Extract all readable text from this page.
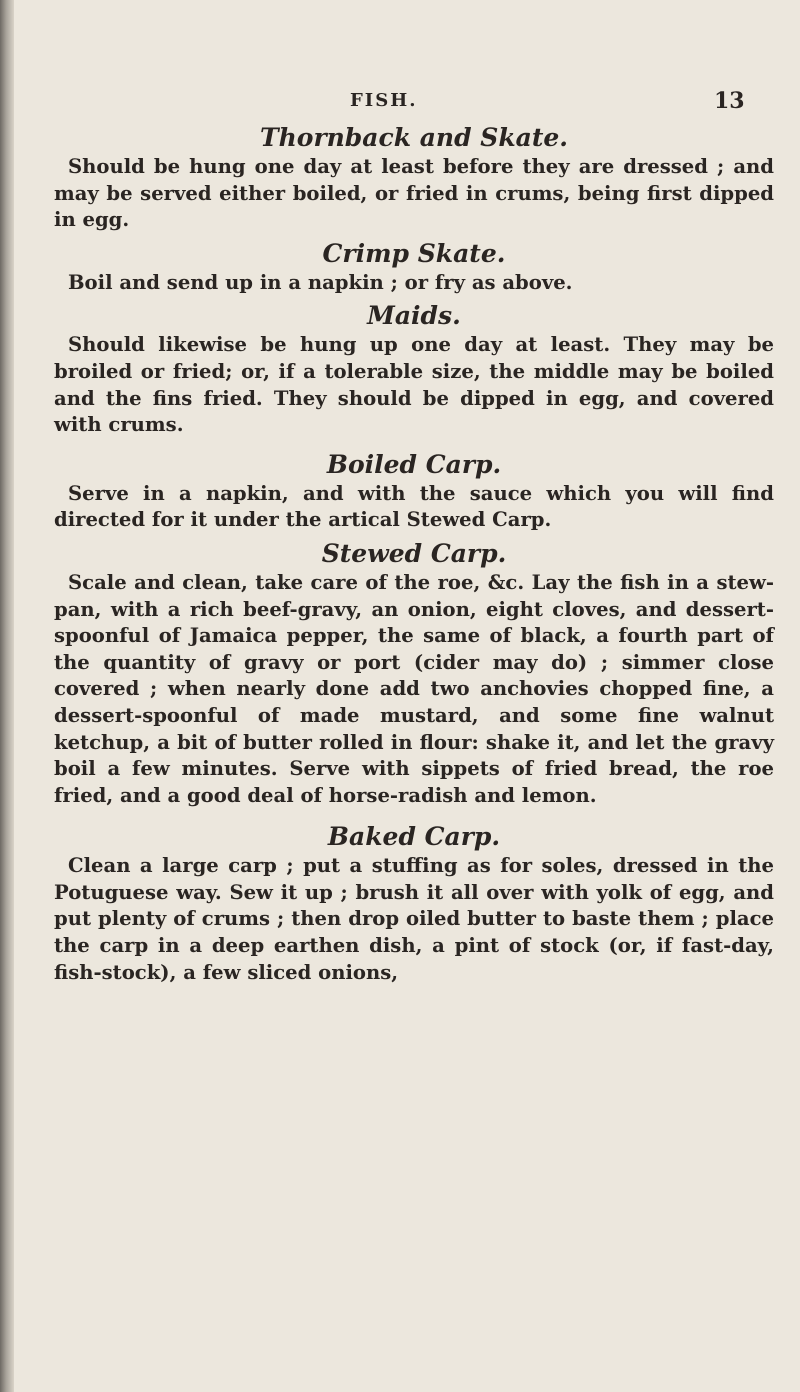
FISH.	13
Thornback and Skate.

Should be hung one day at least before they are dressed ; and may be served either boiled, or fried in crums, being first dipped in egg.

Crimp Skate.

Boil and send up in a napkin ; or fry as above.

Maids.

Should likewise be hung up one day at least. They may be broiled or fried; or, if a tolerable size, the middle may be boiled and the fins fried. They should be dipped in egg, and covered with crums.

Boiled Carp.

Serve in a napkin, and with the sauce which you will find directed for it under the artical Stewed Carp.

Stewed Carp.

Scale and clean, take care of the roe, &c. Lay the fish in a stew-pan, with a rich beef-gravy, an onion, eight cloves, and dessert-spoonful of Jamaica pepper, the same of black, a fourth part of the quantity of gravy or port (cider may do) ; simmer close covered ; when nearly done add two anchovies chopped fine, a dessert-spoonful of made mustard, and some fine walnut ketchup, a bit of butter rolled in flour: shake it, and let the gravy boil a few minutes. Serve with sippets of fried bread, the roe fried, and a good deal of horse-radish and lemon.

Baked Carp.

Clean a large carp ; put a stuffing as for soles, dressed in the Potuguese way. Sew it up ; brush it all over with yolk of egg, and put plenty of crums ; then drop oiled butter to baste them ; place the carp in a deep earthen dish, a pint of stock (or, if fast-day, fish-stock), a few sliced onions,
